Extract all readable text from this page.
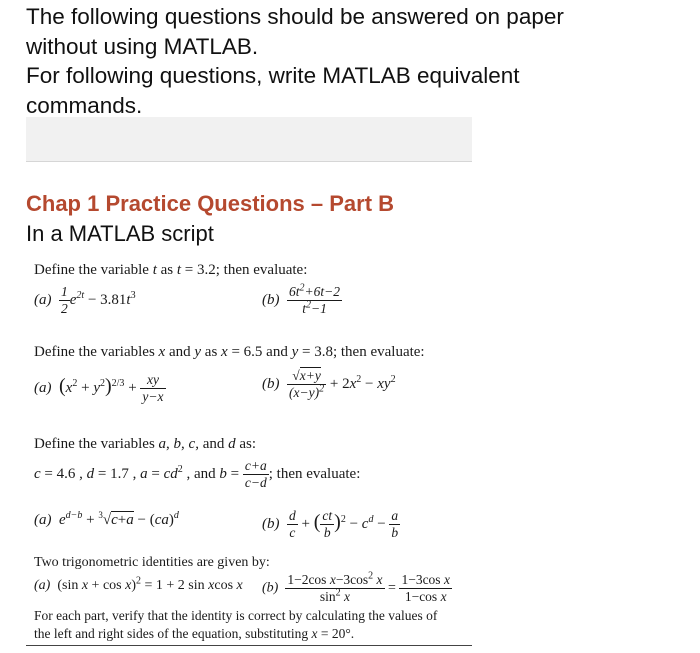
The following questions should be answered on paper
without using MATLAB.
For following questions, write MATLAB equivalent
commands.
Chap 1 Practice Questions – Part B
In a MATLAB script
Define the variable t as t = 3.2; then evaluate:
$(a) \frac{1}{2} e^{2t} - 3.81t^3$	$(b) \frac{6t^2+6t-2}{t^2-1}$
Define the variables x and y as x = 6.5 and y = 3.8; then evaluate:
(a) $(x^2 + y^2)^{2/3} + \frac{xy}{y-x}$	$(b) \frac{√x+y}{(x-y)^2} + 2x^2 - xy^2$
Define the variables a, b, c, and d as:
c = 4.6 , d = 1.7 , $a = cd^2$ , and $b = \frac{c+a}{c-d}$ ; then evaluate:
(a) $e^{d-b} + ^3√c+a - (ca)^d$
$(b) \frac{d}{c}$ + ( $\frac{ct}{b} )^2 - c^d - \frac{a}{b}$
Two trigonometric identities are given by:
(a)  (sin x + cos x)$^2$ = 1 + 2 sin xcos x $(b) \frac{1-2\cos x-3\cos^2 x}{\sin^2 x} = \frac{\text{1−3cos x}}{\text{1−cos x}}$
For each part, verify that the identity is correct by calculating the values of
the left and right sides of the equation, substituting x = 20°.
